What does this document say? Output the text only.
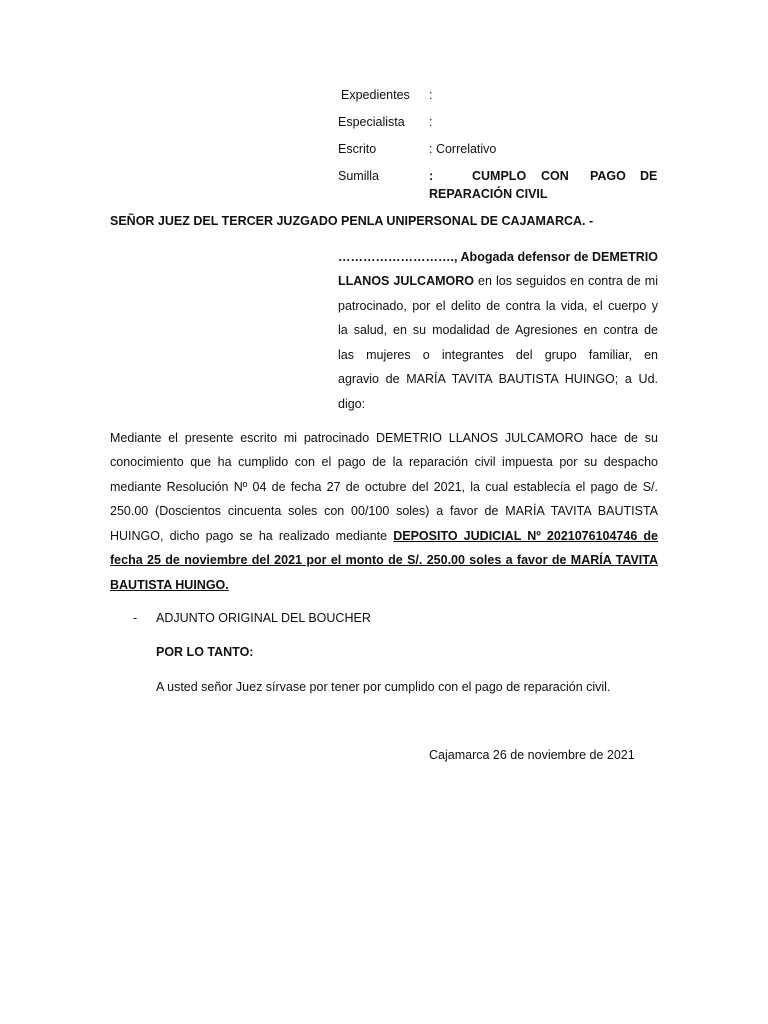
Expedientes :
Especialista :
Escrito	: Correlativo
Sumilla	:	CUMPLO CON PAGO DE
REPARACIÓN CIVIL
SEÑOR JUEZ DEL TERCER JUZGADO PENLA UNIPERSONAL DE CAJAMARCA. -
………………………., Abogada defensor de DEMETRIO
LLANOS JULCAMORO en los seguidos en contra de mi
patrocinado, por el delito de contra la vida, el cuerpo y
la salud, en su modalidad de Agresiones en contra de
las mujeres o integrantes del grupo familiar, en
agravio de MARÍA TAVITA BAUTISTA HUINGO; a Ud.
digo:
Mediante el presente escrito mi patrocinado DEMETRIO LLANOS JULCAMORO hace de su
conocimiento que ha cumplido con el pago de la reparación civil impuesta por su despacho
mediante Resolución Nº 04 de fecha 27 de octubre del 2021, la cual establecía el pago de S/.
250.00 (Doscientos cincuenta soles con 00/100 soles) a favor de MARÍA TAVITA BAUTISTA
HUINGO, dicho pago se ha realizado mediante DEPOSITO JUDICIAL Nº 2021076104746 de
fecha 25 de noviembre del 2021 por el monto de S/. 250.00 soles a favor de MARÍA TAVITA
BAUTISTA HUINGO.
- ADJUNTO ORIGINAL DEL BOUCHER
POR LO TANTO:
A usted señor Juez sírvase por tener por cumplido con el pago de reparación civil.
Cajamarca 26 de noviembre de 2021
